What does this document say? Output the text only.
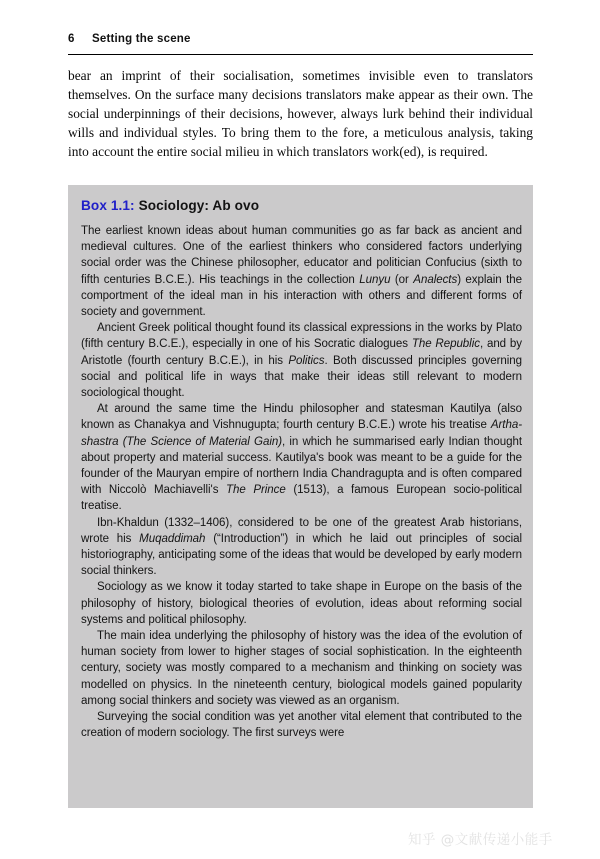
6	Setting the scene

bear an imprint of their socialisation, sometimes invisible even to translators themselves. On the surface many decisions translators make appear as their own. The social underpinnings of their decisions, however, always lurk behind their individual wills and individual styles. To bring them to the fore, a meticulous analysis, taking into account the entire social milieu in which translators work(ed), is required.

Box 1.1: Sociology: Ab ovo

The earliest known ideas about human communities go as far back as ancient and medieval cultures. One of the earliest thinkers who considered factors underlying social order was the Chinese philosopher, educator and politician Confucius (sixth to fifth centuries B.C.E.). His teachings in the collection Lunyu (or Analects) explain the comportment of the ideal man in his interaction with others and different forms of society and government.

Ancient Greek political thought found its classical expressions in the works by Plato (fifth century B.C.E.), especially in one of his Socratic dialogues The Republic, and by Aristotle (fourth century B.C.E.), in his Politics. Both discussed principles governing social and political life in ways that make their ideas still relevant to modern sociological thought.

At around the same time the Hindu philosopher and statesman Kautilya (also known as Chanakya and Vishnugupta; fourth century B.C.E.) wrote his treatise Artha-shastra (The Science of Material Gain), in which he summarised early Indian thought about property and material success. Kautilya's book was meant to be a guide for the founder of the Mauryan empire of northern India Chandragupta and is often compared with Niccolò Machiavelli's The Prince (1513), a famous European socio-political treatise.

Ibn-Khaldun (1332–1406), considered to be one of the greatest Arab historians, wrote his Muqaddimah (“Introduction”) in which he laid out principles of social historiography, anticipating some of the ideas that would be developed by early modern social thinkers.

Sociology as we know it today started to take shape in Europe on the basis of the philosophy of history, biological theories of evolution, ideas about reforming social systems and political philosophy.

The main idea underlying the philosophy of history was the idea of the evolution of human society from lower to higher stages of social sophistication. In the eighteenth century, society was mostly compared to a mechanism and thinking on society was modelled on physics. In the nineteenth century, biological models gained popularity among social thinkers and society was viewed as an organism.

Surveying the social condition was yet another vital element that contributed to the creation of modern sociology. The first surveys were

知乎 @文献传递小能手
